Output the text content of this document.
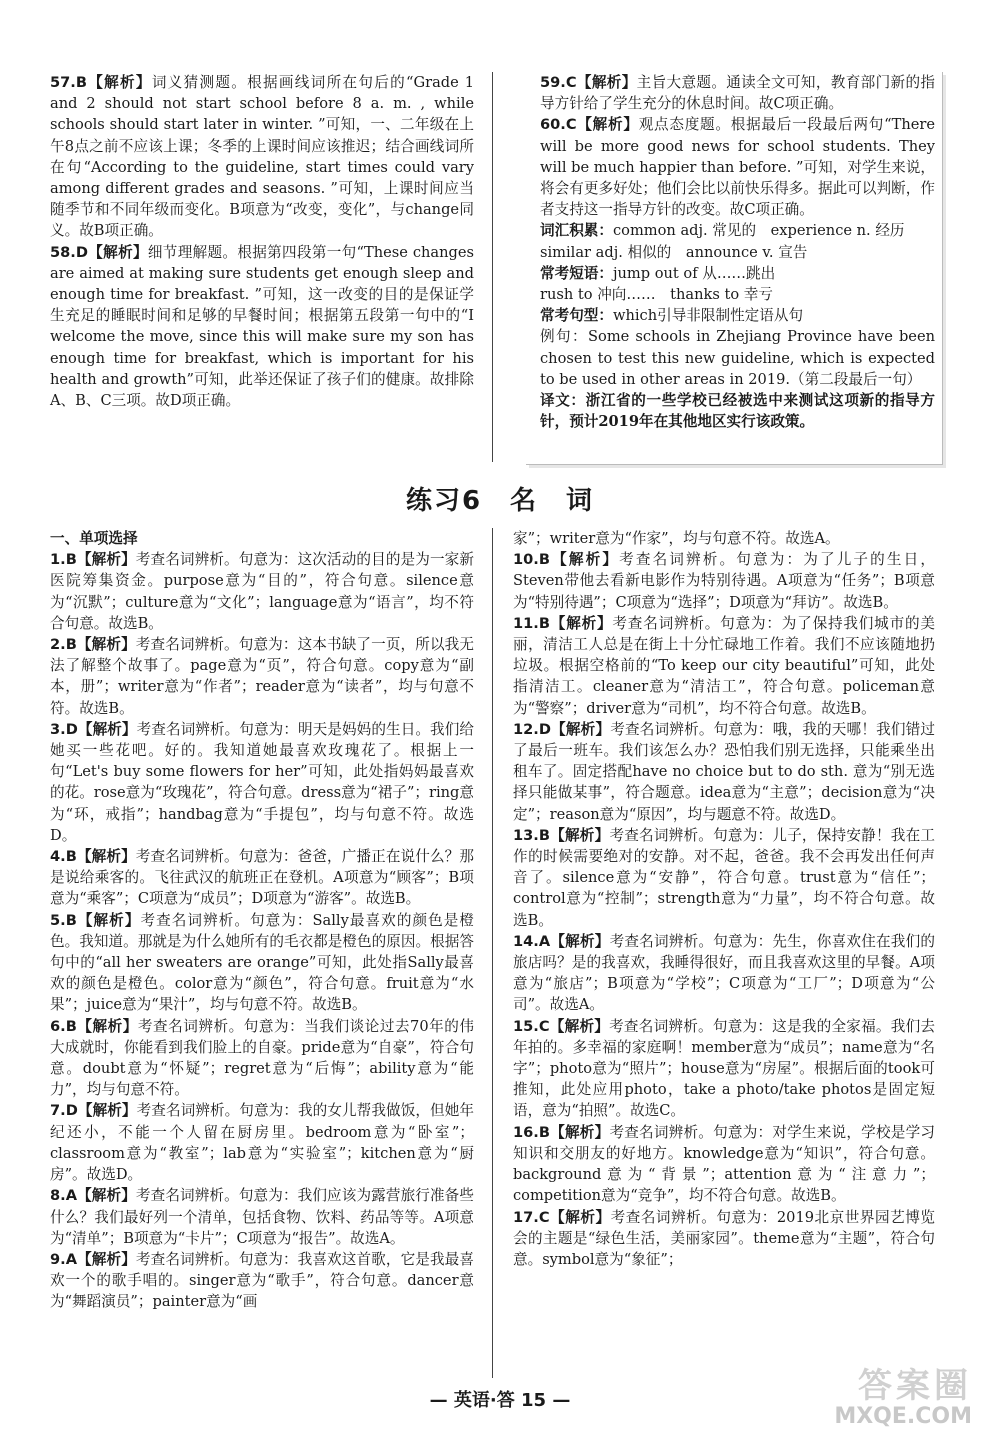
57.B【解析】词义猜测题。根据画线词所在句后的“Grade 1 and 2 should not start school before 8 a. m. , while schools should start later in winter. ”可知，一、二年级在上午8点之前不应该上课；冬季的上课时间应该推迟；结合画线词所在句“According to the guideline, start times could vary among different grades and seasons. ”可知，上课时间应当随季节和不同年级而变化。B项意为“改变，变化”，与change同义。故B项正确。
58.D【解析】细节理解题。根据第四段第一句“These changes are aimed at making sure students get enough sleep and enough time for breakfast. ”可知，这一改变的目的是保证学生充足的睡眠时间和足够的早餐时间；根据第五段第一句中的“I welcome the move, since this will make sure my son has enough time for breakfast, which is important for his health and growth”可知，此举还保证了孩子们的健康。故排除A、B、C三项。故D项正确。
59.C【解析】主旨大意题。通读全文可知，教育部门新的指导方针给了学生充分的休息时间。故C项正确。
60.C【解析】观点态度题。根据最后一段最后两句“There will be more good news for school students. They will be much happier than before. ”可知，对学生来说，将会有更多好处；他们会比以前快乐得多。据此可以判断，作者支持这一指导方针的改变。故C项正确。
词汇积累：common adj. 常见的　experience n. 经历
similar adj. 相似的　announce v. 宣告
常考短语：jump out of 从……跳出
rush to 冲向……　thanks to 幸亏
常考句型：which引导非限制性定语从句
例句：Some schools in Zhejiang Province have been chosen to test this new guideline, which is expected to be used in other areas in 2019.（第二段最后一句）
译文：浙江省的一些学校已经被选中来测试这项新的指导方针，预计2019年在其他地区实行该政策。
练习6　名　词
一、单项选择
1.B【解析】考查名词辨析。句意为：这次活动的目的是为一家新医院筹集资金。purpose意为“目的”，符合句意。silence意为“沉默”；culture意为“文化”；language意为“语言”，均不符合句意。故选B。
2.B【解析】考查名词辨析。句意为：这本书缺了一页，所以我无法了解整个故事了。page意为“页”，符合句意。copy意为“副本，册”；writer意为“作者”；reader意为“读者”，均与句意不符。故选B。
3.D【解析】考查名词辨析。句意为：明天是妈妈的生日。我们给她买一些花吧。好的。我知道她最喜欢玫瑰花了。根据上一句“Let's buy some flowers for her”可知，此处指妈妈最喜欢的花。rose意为“玫瑰花”，符合句意。dress意为“裙子”；ring意为“环，戒指”；handbag意为“手提包”，均与句意不符。故选D。
4.B【解析】考查名词辨析。句意为：爸爸，广播正在说什么？那是说给乘客的。飞往武汉的航班正在登机。A项意为“顾客”；B项意为“乘客”；C项意为“成员”；D项意为“游客”。故选B。
5.B【解析】考查名词辨析。句意为：Sally最喜欢的颜色是橙色。我知道。那就是为什么她所有的毛衣都是橙色的原因。根据答句中的“all her sweaters are orange”可知，此处指Sally最喜欢的颜色是橙色。color意为“颜色”，符合句意。fruit意为“水果”；juice意为“果汁”，均与句意不符。故选B。
6.B【解析】考查名词辨析。句意为：当我们谈论过去70年的伟大成就时，你能看到我们脸上的自豪。pride意为“自豪”，符合句意。doubt意为“怀疑”；regret意为“后悔”；ability意为“能力”，均与句意不符。
7.D【解析】考查名词辨析。句意为：我的女儿帮我做饭，但她年纪还小，不能一个人留在厨房里。bedroom意为“卧室”；classroom意为“教室”；lab意为“实验室”；kitchen意为“厨房”。故选D。
8.A【解析】考查名词辨析。句意为：我们应该为露营旅行准备些什么？我们最好列一个清单，包括食物、饮料、药品等等。A项意为“清单”；B项意为“卡片”；C项意为“报告”。故选A。
9.A【解析】考查名词辨析。句意为：我喜欢这首歌，它是我最喜欢一个的歌手唱的。singer意为“歌手”，符合句意。dancer意为“舞蹈演员”；painter意为“画
家”；writer意为“作家”，均与句意不符。故选A。
10.B【解析】考查名词辨析。句意为：为了儿子的生日，Steven带他去看新电影作为特别待遇。A项意为“任务”；B项意为“特别待遇”；C项意为“选择”；D项意为“拜访”。故选B。
11.B【解析】考查名词辨析。句意为：为了保持我们城市的美丽，清洁工人总是在街上十分忙碌地工作着。我们不应该随地扔垃圾。根据空格前的“To keep our city beautiful”可知，此处指清洁工。cleaner意为“清洁工”，符合句意。policeman意为“警察”；driver意为“司机”，均不符合句意。故选B。
12.D【解析】考查名词辨析。句意为：哦，我的天哪！我们错过了最后一班车。我们该怎么办？恐怕我们别无选择，只能乘坐出租车了。固定搭配have no choice but to do sth. 意为“别无选择只能做某事”，符合题意。idea意为“主意”；decision意为“决定”；reason意为“原因”，均与题意不符。故选D。
13.B【解析】考查名词辨析。句意为：儿子，保持安静！我在工作的时候需要绝对的安静。对不起，爸爸。我不会再发出任何声音了。silence意为“安静”，符合句意。trust意为“信任”；control意为“控制”；strength意为“力量”，均不符合句意。故选B。
14.A【解析】考查名词辨析。句意为：先生，你喜欢住在我们的旅店吗？是的我喜欢，我睡得很好，而且我喜欢这里的早餐。A项意为“旅店”；B项意为“学校”；C项意为“工厂”；D项意为“公司”。故选A。
15.C【解析】考查名词辨析。句意为：这是我的全家福。我们去年拍的。多幸福的家庭啊！member意为“成员”；name意为“名字”；photo意为“照片”；house意为“房屋”。根据后面的took可推知，此处应用photo，take a photo/take photos是固定短语，意为“拍照”。故选C。
16.B【解析】考查名词辨析。句意为：对学生来说，学校是学习知识和交朋友的好地方。knowledge意为“知识”，符合句意。background意为“背景”；attention意为“注意力”；competition意为“竞争”，均不符合句意。故选B。
17.C【解析】考查名词辨析。句意为：2019北京世界园艺博览会的主题是“绿色生活，美丽家园”。theme意为“主题”，符合句意。symbol意为“象征”；
— 英语·答 15 —	答案圈
MXQE.COM
